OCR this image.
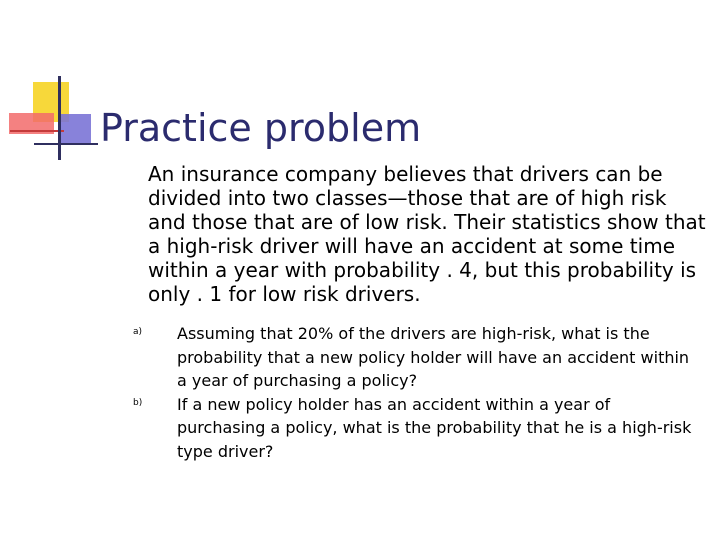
Practice problem

An insurance company believes that drivers can be divided into two classes—those that are of high risk and those that are of low risk. Their statistics show that a high-risk driver will have an accident at some time within a year with probability . 4, but this probability is only . 1 for low risk drivers.

a) Assuming that 20% of the drivers are high-risk, what is the probability that a new policy holder will have an accident within a year of purchasing a policy?
b) If a new policy holder has an accident within a year of purchasing a policy, what is the probability that he is a high-risk type driver?
